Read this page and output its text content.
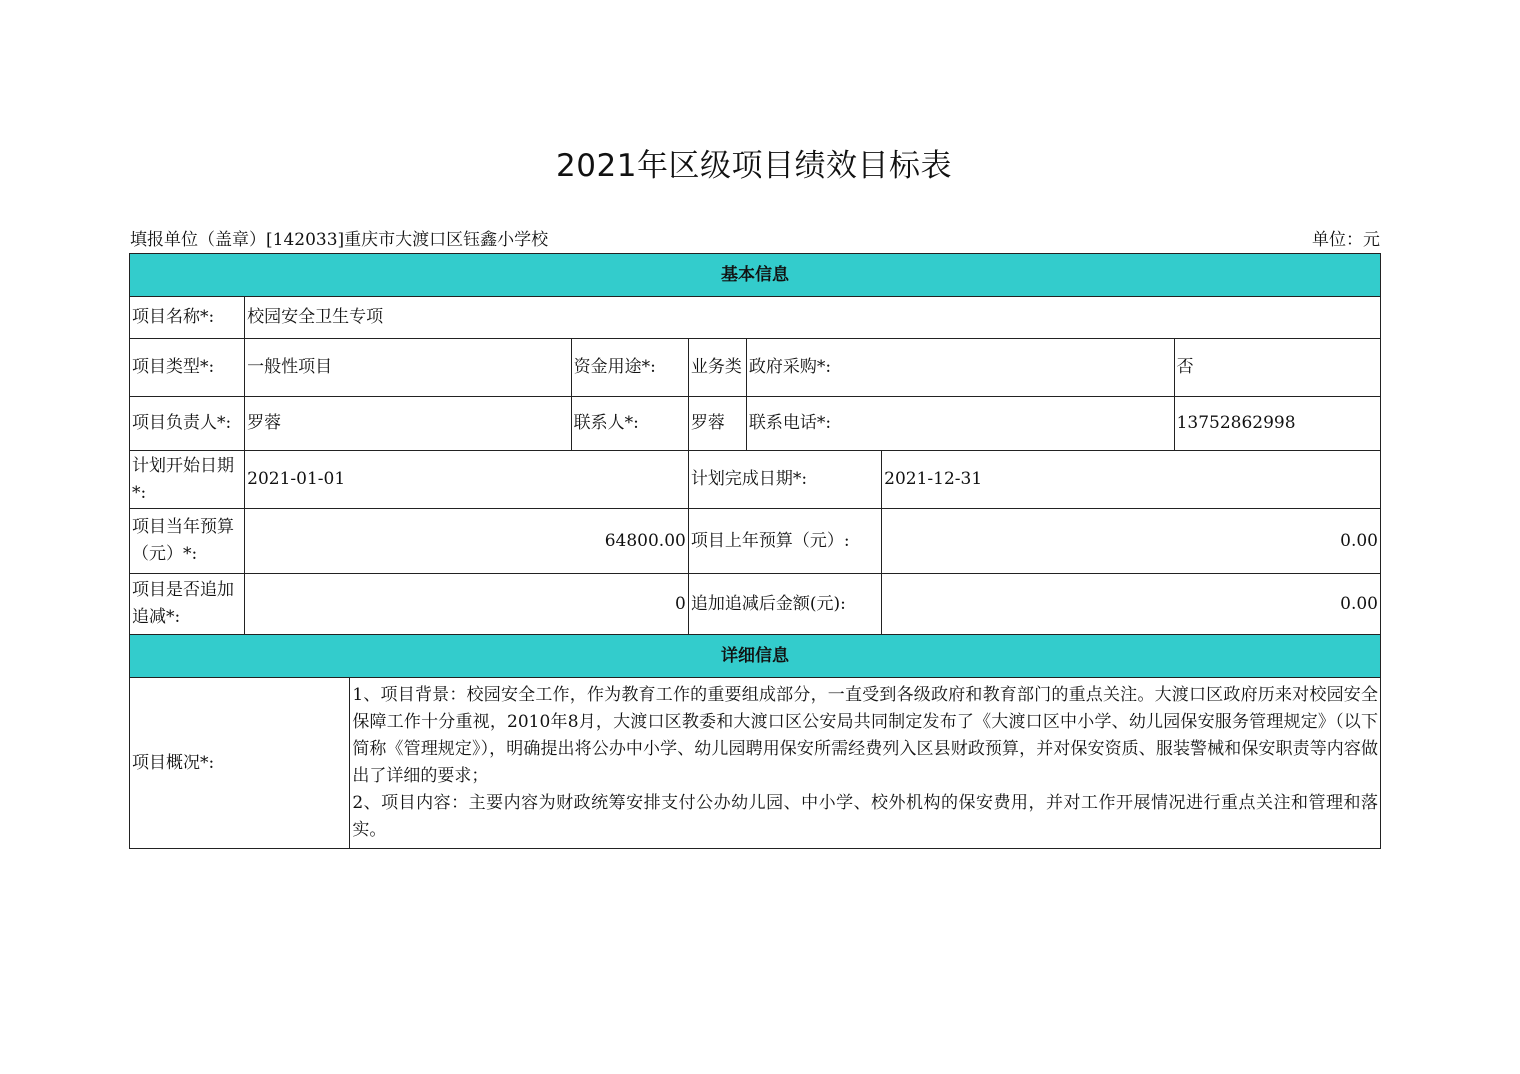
2021年区级项目绩效目标表
填报单位（盖章）[142033]重庆市大渡口区钰鑫小学校	单位：元
基本信息							
项目名称*:	校园安全卫生专项						
项目类型*:	一般性项目		资金用途*:	业务类	政府采购*:		否
项目负责人*:	罗蓉		联系人*:	罗蓉	联系电话*:		13752862998
计划开始日期*:	2021-01-01			计划完成日期*:		2021-12-31	
项目当年预算（元）*:	64800.00			项目上年预算（元）:		0.00	
项目是否追加追减*:	0			追加追减后金额(元):		0.00	
详细信息							
项目概况*:		1、项目背景：校园安全工作，作为教育工作的重要组成部分，一直受到各级政府和教育部门的重点关注。大渡口区政府历来对校园安全保障工作十分重视，2010年8月，大渡口区教委和大渡口区公安局共同制定发布了《大渡口区中小学、幼儿园保安服务管理规定》（以下简称《管理规定》），明确提出将公办中小学、幼儿园聘用保安所需经费列入区县财政预算，并对保安资质、服装警械和保安职责等内容做出了详细的要求；

2、项目内容：主要内容为财政统筹安排支付公办幼儿园、中小学、校外机构的保安费用，并对工作开展情况进行重点关注和管理和落实。					
